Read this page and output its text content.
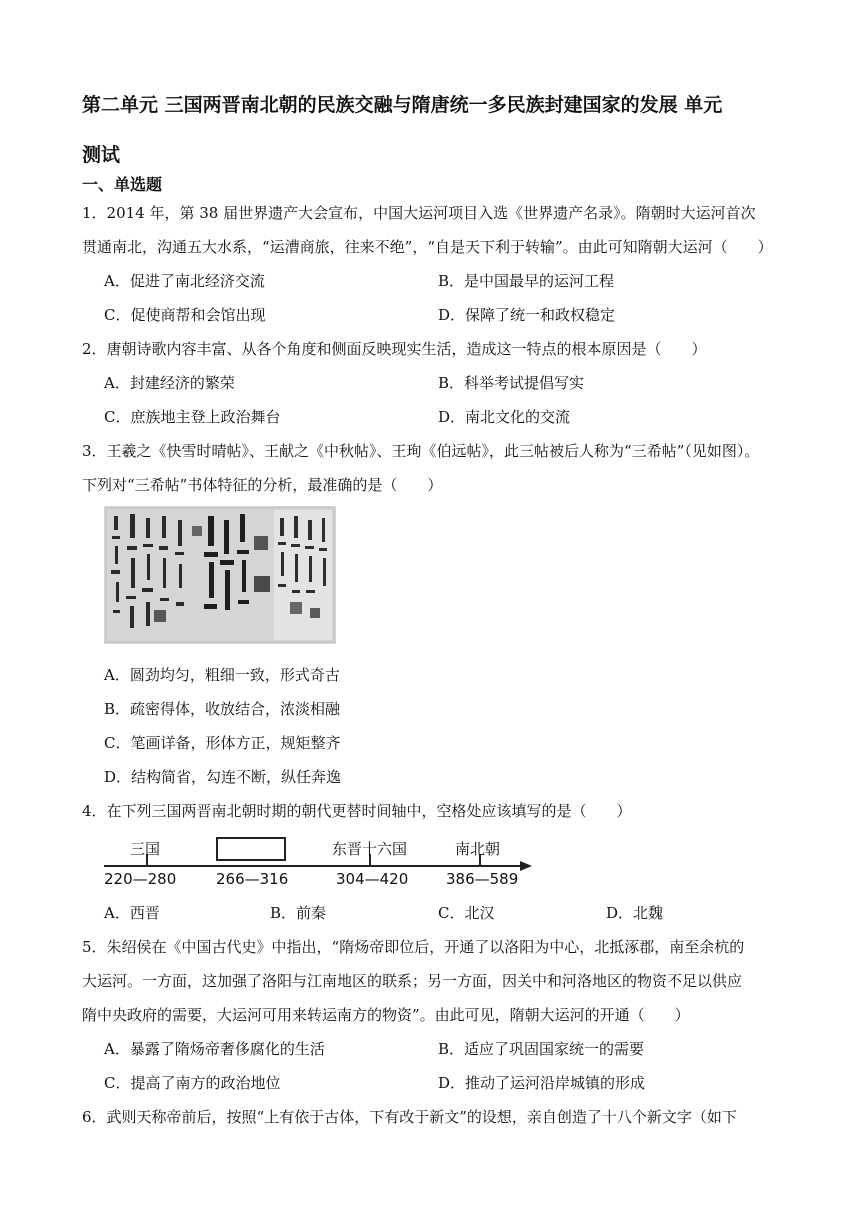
第二单元 三国两晋南北朝的民族交融与隋唐统一多民族封建国家的发展 单元
测试
一、单选题
1．2014 年，第 38 届世界遗产大会宣布，中国大运河项目入选《世界遗产名录》。隋朝时大运河首次
贯通南北，沟通五大水系，“运漕商旅，往来不绝”，“自是天下利于转输”。由此可知隋朝大运河（　　）
A．促进了南北经济交流	B．是中国最早的运河工程
C．促使商帮和会馆出现	D．保障了统一和政权稳定
2．唐朝诗歌内容丰富、从各个角度和侧面反映现实生活，造成这一特点的根本原因是（　　）
A．封建经济的繁荣	B．科举考试提倡写实
C．庶族地主登上政治舞台	D．南北文化的交流
3．王羲之《快雪时晴帖》、王献之《中秋帖》、王珣《伯远帖》，此三帖被后人称为“三希帖”（见如图）。
下列对“三希帖”书体特征的分析，最准确的是（　　）
A．圆劲均匀，粗细一致，形式奇古
B．疏密得体，收放结合，浓淡相融
C．笔画详备，形体方正，规矩整齐
D．结构简省，勾连不断，纵任奔逸
4．在下列三国两晋南北朝时期的朝代更替时间轴中，空格处应该填写的是（　　）
三国	东晋十六国	南北朝
220—280	266—316	304—420	386—589
A．西晋	B．前秦	C．北汉	D．北魏
5．朱绍侯在《中国古代史》中指出，“隋炀帝即位后，开通了以洛阳为中心，北抵涿郡，南至余杭的
大运河。一方面，这加强了洛阳与江南地区的联系；另一方面，因关中和河洛地区的物资不足以供应
隋中央政府的需要，大运河可用来转运南方的物资”。由此可见，隋朝大运河的开通（　　）
A．暴露了隋炀帝奢侈腐化的生活	B．适应了巩固国家统一的需要
C．提高了南方的政治地位	D．推动了运河沿岸城镇的形成
6．武则天称帝前后，按照“上有依于古体，下有改于新文”的设想，亲自创造了十八个新文字（如下
